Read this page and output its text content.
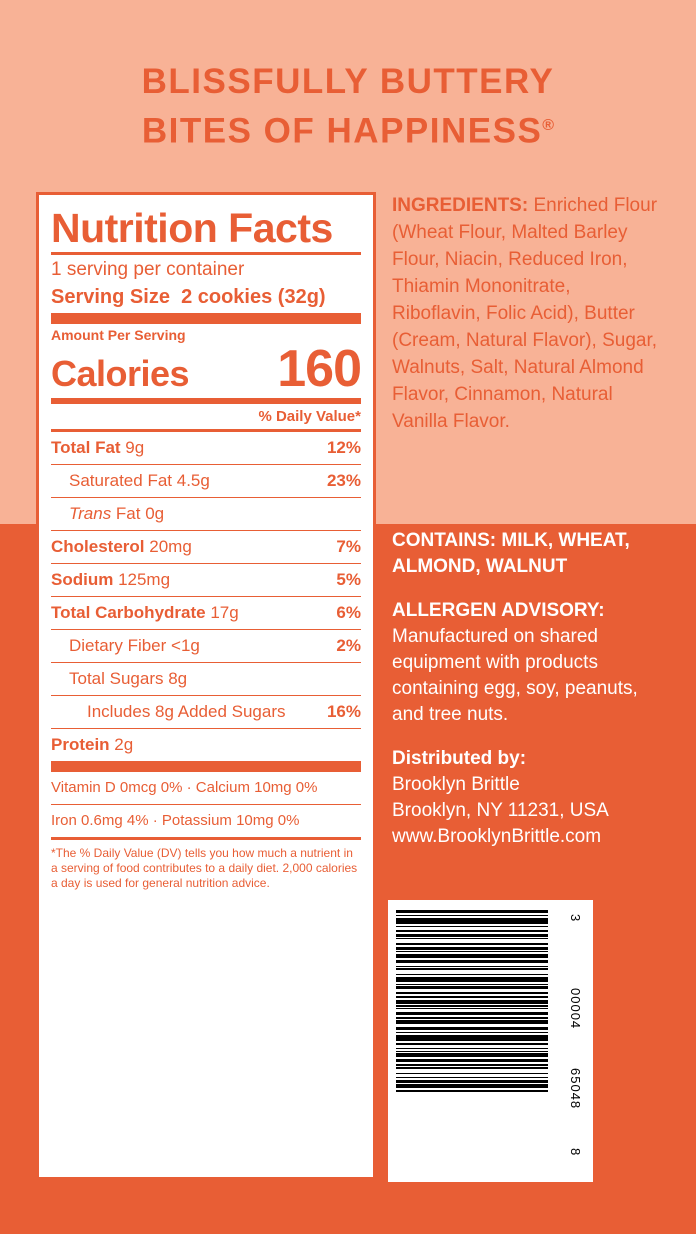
BLISSFULLY BUTTERY
BITES OF HAPPINESS®
Nutrition Facts
1 serving per container
Serving Size 2 cookies (32g)
Amount Per Serving
Calories 160
% Daily Value*
Total Fat 9g	12%
Saturated Fat 4.5g	23%
Trans Fat 0g
Cholesterol 20mg	7%
Sodium 125mg	5%
Total Carbohydrate 17g	6%
Dietary Fiber <1g	2%
Total Sugars 8g
Includes 8g Added Sugars 16%
Protein 2g
Vitamin D 0mcg 0% · Calcium 10mg 0%
Iron 0.6mg 4% · Potassium 10mg 0%
*The % Daily Value (DV) tells you how much a nutrient in a serving of food contributes to a daily diet. 2,000 calories a day is used for general nutrition advice.
INGREDIENTS: Enriched Flour (Wheat Flour, Malted Barley Flour, Niacin, Reduced Iron, Thiamin Mononitrate, Riboflavin, Folic Acid), Butter (Cream, Natural Flavor), Sugar, Walnuts, Salt, Natural Almond Flavor, Cinnamon, Natural Vanilla Flavor.
CONTAINS: MILK, WHEAT, ALMOND, WALNUT
ALLERGEN ADVISORY:
Manufactured on shared equipment with products containing egg, soy, peanuts, and tree nuts.
Distributed by:
Brooklyn Brittle
Brooklyn, NY 11231, USA
www.BrooklynBrittle.com
3
00004
65048
8
